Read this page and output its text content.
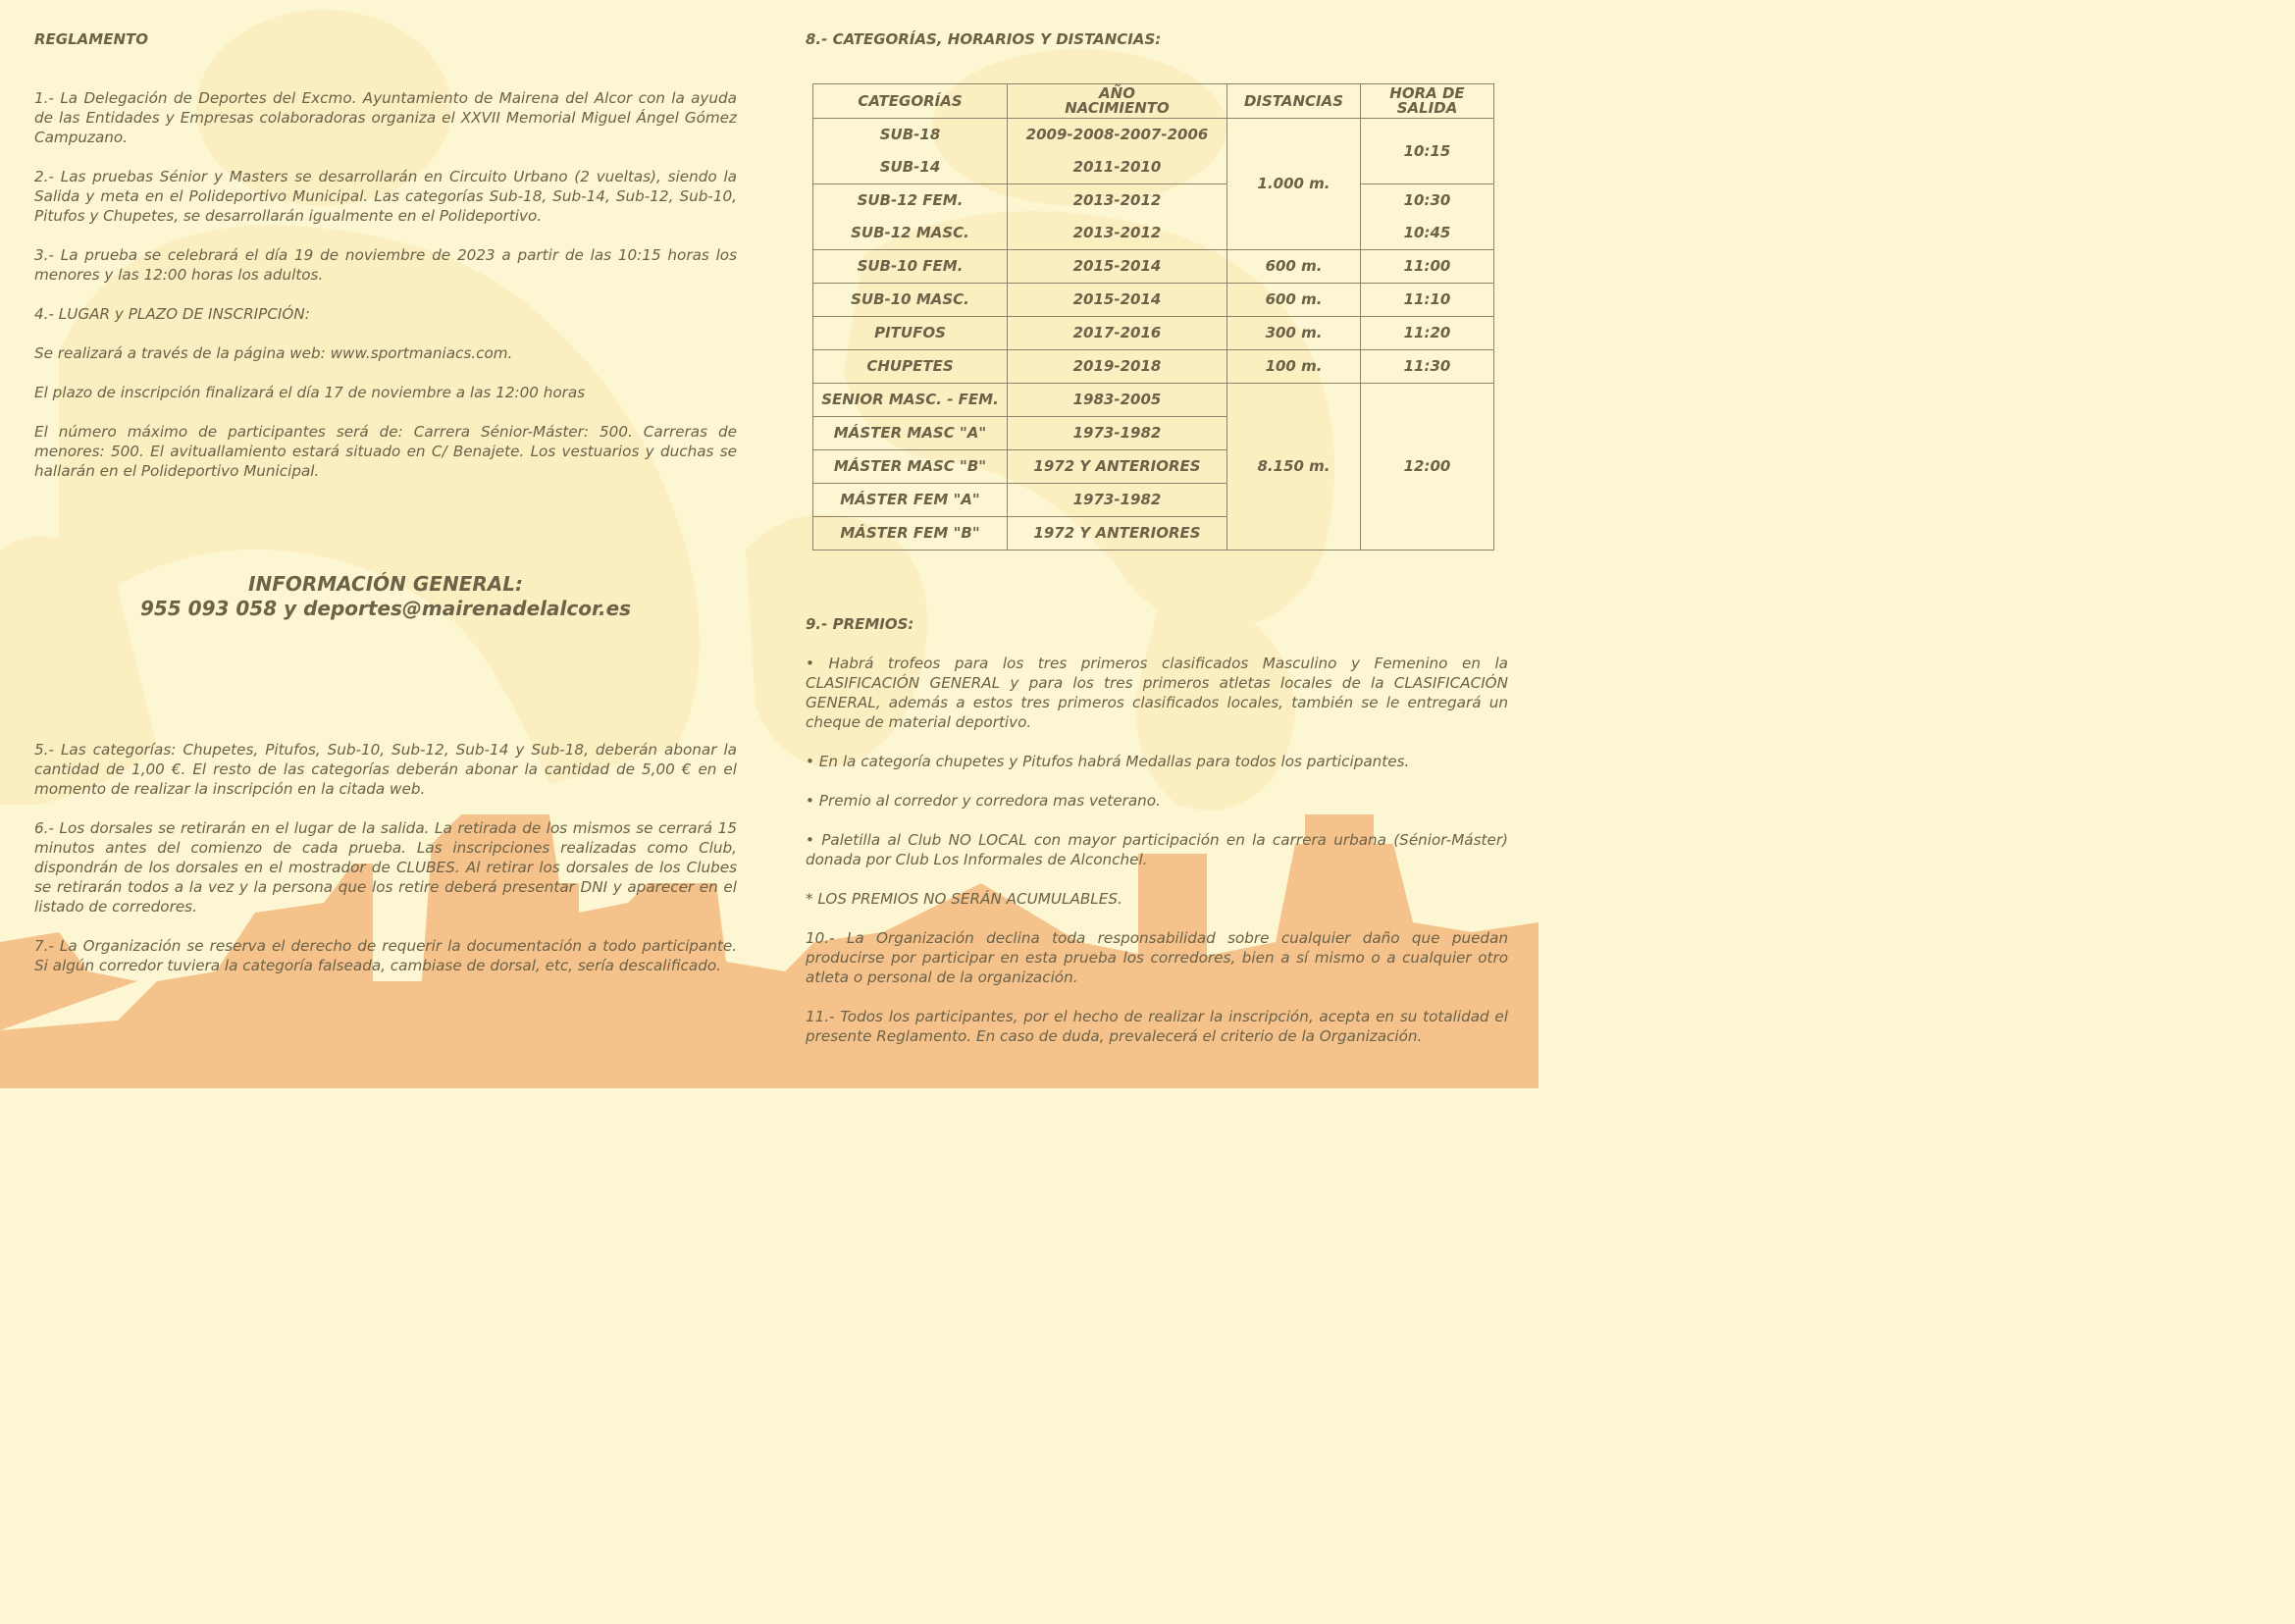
REGLAMENTO

1.- La Delegación de Deportes del Excmo. Ayuntamiento de Mairena del Alcor con la ayuda de las Entidades y Empresas colaboradoras organiza el XXVII Memorial Miguel Ángel Gómez Campuzano.

2.- Las pruebas Sénior y Masters se desarrollarán en Circuito Urbano (2 vueltas), siendo la Salida y meta en el Polideportivo Municipal. Las categorías Sub-18, Sub-14, Sub-12, Sub-10, Pitufos y Chupetes, se desarrollarán igualmente en el Polideportivo.

3.- La prueba se celebrará el día 19 de noviembre de 2023 a partir de las 10:15 horas los menores y las 12:00 horas los adultos.

4.- LUGAR y PLAZO DE INSCRIPCIÓN:

Se realizará a través de la página web: www.sportmaniacs.com.

El plazo de inscripción finalizará el día 17 de noviembre a las 12:00 horas

El número máximo de participantes será de: Carrera Sénior-Máster: 500. Carreras de menores: 500. El avituallamiento estará situado en C/ Benajete. Los vestuarios y duchas se hallarán en el Polideportivo Municipal.

INFORMACIÓN GENERAL:
955 093 058 y deportes@mairenadelalcor.es

5.- Las categorías: Chupetes, Pitufos, Sub-10, Sub-12, Sub-14 y Sub-18, deberán abonar la cantidad de 1,00 €. El resto de las categorías deberán abonar la cantidad de 5,00 € en el momento de realizar la inscripción en la citada web.

6.- Los dorsales se retirarán en el lugar de la salida. La retirada de los mismos se cerrará 15 minutos antes del comienzo de cada prueba. Las inscripciones realizadas como Club, dispondrán de los dorsales en el mostrador de CLUBES. Al retirar los dorsales de los Clubes se retirarán todos a la vez y la persona que los retire deberá presentar DNI y aparecer en el listado de corredores.

7.- La Organización se reserva el derecho de requerir la documentación a todo participante. Si algún corredor tuviera la categoría falseada, cambiase de dorsal, etc, sería descalificado.

8.- CATEGORÍAS, HORARIOS Y DISTANCIAS:

CATEGORÍAS	AÑO NACIMIENTO	DISTANCIAS	HORA DE SALIDA
SUB-18	2009-2008-2007-2006	1.000 m.	10:15
SUB-14	2011-2010		
SUB-12 FEM.	2013-2012		10:30
SUB-12 MASC.	2013-2012		10:45
SUB-10 FEM.	2015-2014	600 m.	11:00
SUB-10 MASC.	2015-2014	600 m.	11:10
PITUFOS	2017-2016	300 m.	11:20
CHUPETES	2019-2018	100 m.	11:30
SENIOR MASC. - FEM.	1983-2005	8.150 m.	12:00
MÁSTER MASC "A"	1973-1982		
MÁSTER MASC "B"	1972 Y ANTERIORES		
MÁSTER FEM "A"	1973-1982		
MÁSTER FEM "B"	1972 Y ANTERIORES		

9.- PREMIOS:

• Habrá trofeos para los tres primeros clasificados Masculino y Femenino en la CLASIFICACIÓN GENERAL y para los tres primeros atletas locales de la CLASIFICACIÓN GENERAL, además a estos tres primeros clasificados locales, también se le entregará un cheque de material deportivo.

• En la categoría chupetes y Pitufos habrá Medallas para todos los participantes.

• Premio al corredor y corredora mas veterano.

• Paletilla al Club NO LOCAL con mayor participación en la carrera urbana (Sénior-Máster) donada por Club Los Informales de Alconchel.

* LOS PREMIOS NO SERÁN ACUMULABLES.

10.- La Organización declina toda responsabilidad sobre cualquier daño que puedan producirse por participar en esta prueba los corredores, bien a sí mismo o a cualquier otro atleta o personal de la organización.

11.- Todos los participantes, por el hecho de realizar la inscripción, acepta en su totalidad el presente Reglamento. En caso de duda, prevalecerá el criterio de la Organización.
